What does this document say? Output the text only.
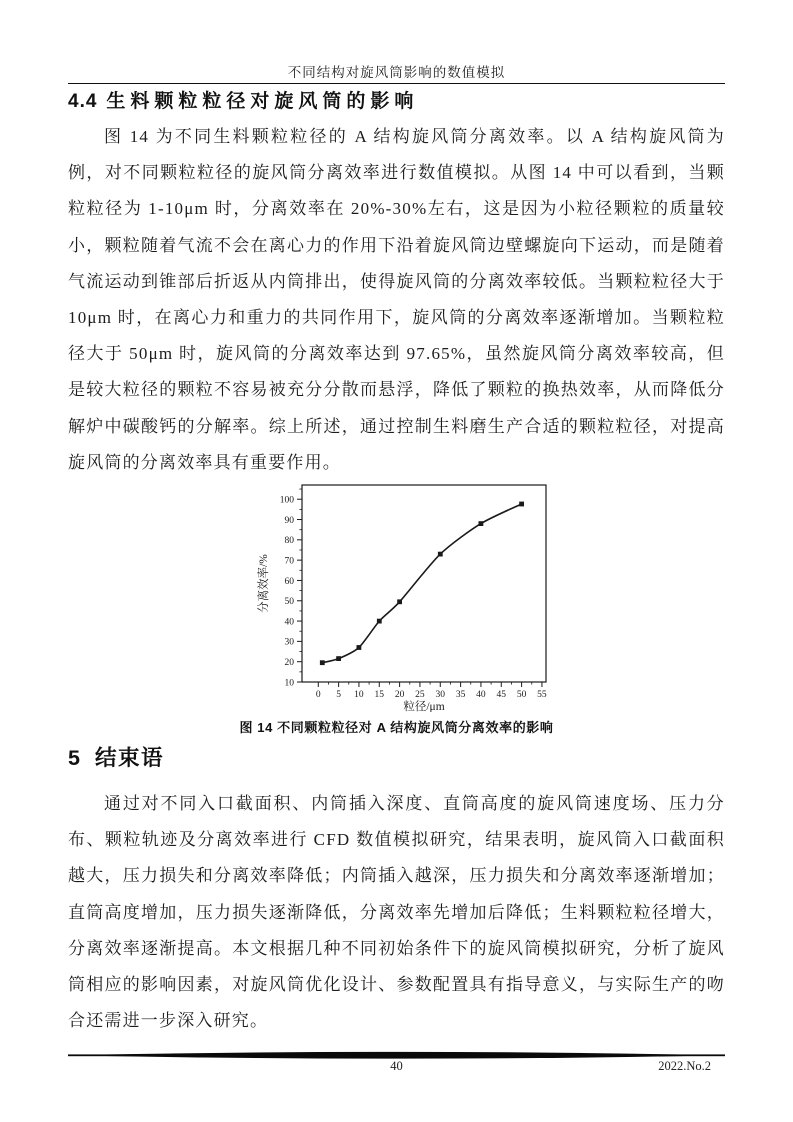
不同结构对旋风筒影响的数值模拟
4.4 生料颗粒粒径对旋风筒的影响

图 14 为不同生料颗粒粒径的 A 结构旋风筒分离效率。以 A 结构旋风筒为例，对不同颗粒粒径的旋风筒分离效率进行数值模拟。从图 14 中可以看到，当颗粒粒径为 1-10μm 时，分离效率在 20%-30%左右，这是因为小粒径颗粒的质量较小，颗粒随着气流不会在离心力的作用下沿着旋风筒边壁螺旋向下运动，而是随着气流运动到锥部后折返从内筒排出，使得旋风筒的分离效率较低。当颗粒粒径大于 10μm 时，在离心力和重力的共同作用下，旋风筒的分离效率逐渐增加。当颗粒粒径大于 50μm 时，旋风筒的分离效率达到 97.65%，虽然旋风筒分离效率较高，但是较大粒径的颗粒不容易被充分分散而悬浮，降低了颗粒的换热效率，从而降低分解炉中碳酸钙的分解率。综上所述，通过控制生料磨生产合适的颗粒粒径，对提高旋风筒的分离效率具有重要作用。

10
20
30
40
50
60
70
80
90
100
0 5 10 15 20 25 30 35 40 45 50 55
粒径/μm
分离效率/%
图 14 不同颗粒粒径对 A 结构旋风筒分离效率的影响
5 结束语

通过对不同入口截面积、内筒插入深度、直筒高度的旋风筒速度场、压力分布、颗粒轨迹及分离效率进行 CFD 数值模拟研究，结果表明，旋风筒入口截面积越大，压力损失和分离效率降低；内筒插入越深，压力损失和分离效率逐渐增加；直筒高度增加，压力损失逐渐降低，分离效率先增加后降低；生料颗粒粒径增大，分离效率逐渐提高。本文根据几种不同初始条件下的旋风筒模拟研究，分析了旋风筒相应的影响因素，对旋风筒优化设计、参数配置具有指导意义，与实际生产的吻合还需进一步深入研究。

40	2022.No.2
